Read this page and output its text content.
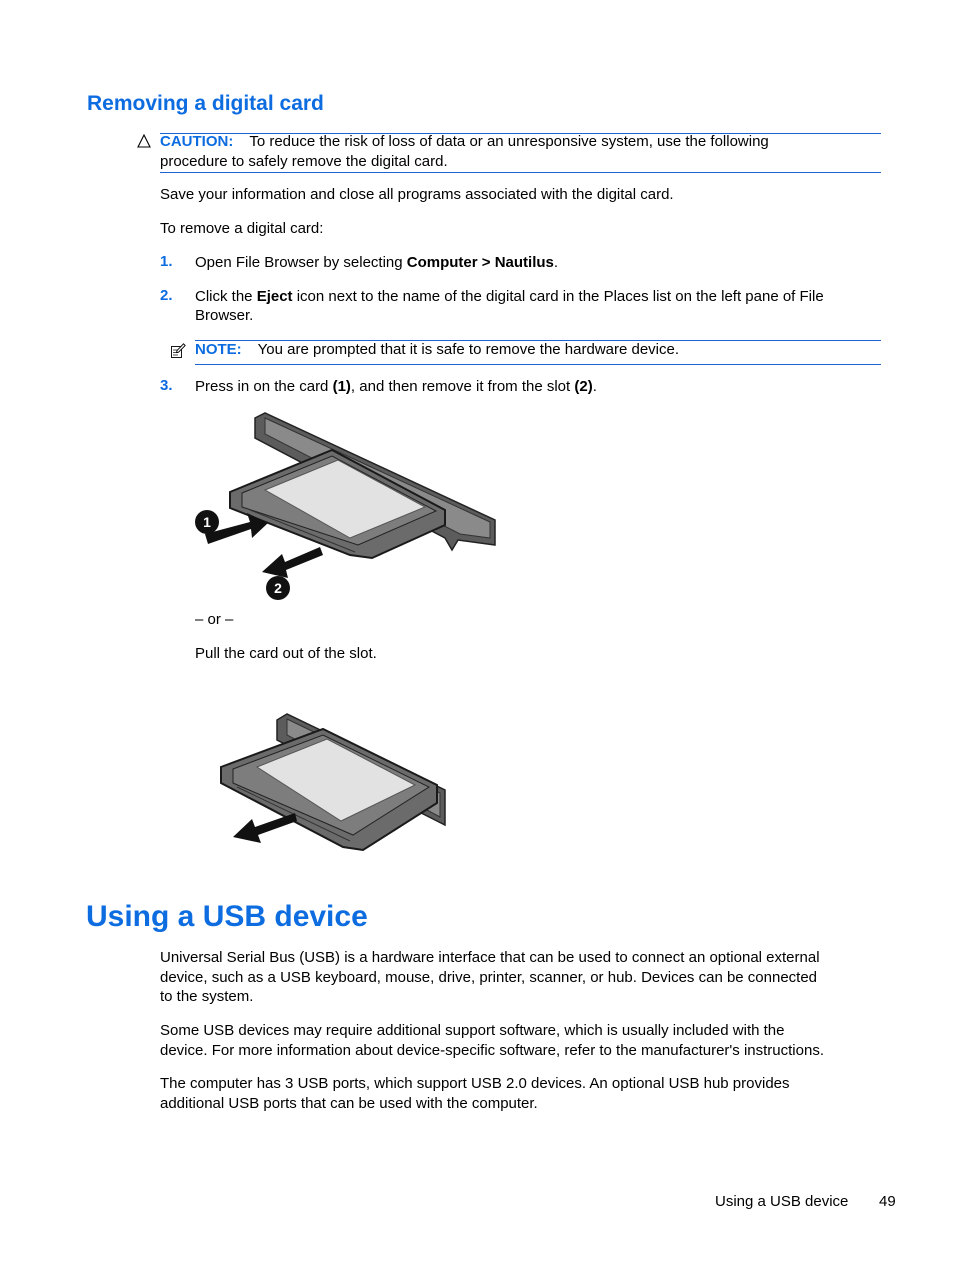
Removing a digital card
CAUTION: To reduce the risk of loss of data or an unresponsive system, use the following
procedure to safely remove the digital card.
Save your information and close all programs associated with the digital card.
To remove a digital card:
1. Open File Browser by selecting Computer > Nautilus.
2. Click the Eject icon next to the name of the digital card in the Places list on the left pane of File
Browser.
NOTE: You are prompted that it is safe to remove the hardware device.
3. Press in on the card (1), and then remove it from the slot (2).
1
2
– or –
Pull the card out of the slot.
Using a USB device
Universal Serial Bus (USB) is a hardware interface that can be used to connect an optional external
device, such as a USB keyboard, mouse, drive, printer, scanner, or hub. Devices can be connected
to the system.
Some USB devices may require additional support software, which is usually included with the
device. For more information about device-specific software, refer to the manufacturer's instructions.
The computer has 3 USB ports, which support USB 2.0 devices. An optional USB hub provides
additional USB ports that can be used with the computer.
Using a USB device 49
